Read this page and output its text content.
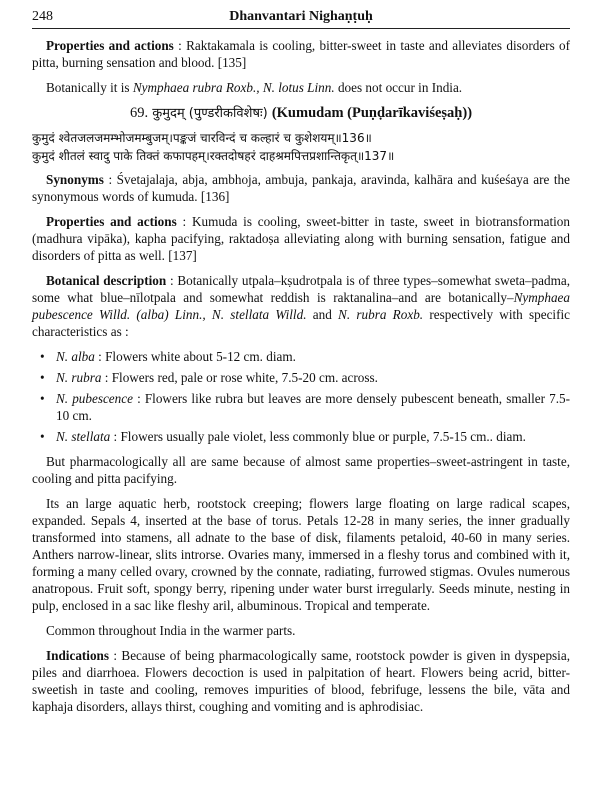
248	Dhanvantari Nighaṇṭuḥ

Properties and actions : Raktakamala is cooling, bitter-sweet in taste and alleviates disorders of pitta, burning sensation and blood. [135]

Botanically it is Nymphaea rubra Roxb., N. lotus Linn. does not occur in India.

69. कुमुदम् (पुण्डरीकविशेषः) (Kumudam (Puṇḍarīkaviśeṣaḥ))
कुमुदं श्वेतजलजमम्भोजमम्बुजम्।पङ्कजं चारविन्दं च कल्हारं च कुशेशयम्॥136॥
कुमुदं शीतलं स्वादु पाके तिक्तं कफापहम्।रक्तदोषहरं दाहश्रमपित्तप्रशान्तिकृत्॥137॥

Synonyms : Śvetajalaja, abja, ambhoja, ambuja, pankaja, aravinda, kalhāra and kuśeśaya are the synonymous words of kumuda. [136]

Properties and actions : Kumuda is cooling, sweet-bitter in taste, sweet in biotransformation (madhura vipāka), kapha pacifying, raktadoṣa alleviating along with burning sensation, fatigue and disorders of pitta as well. [137]

Botanical description : Botanically utpala–kṣudrotpala is of three types–somewhat sweta–padma, some what blue–nīlotpala and somewhat reddish is raktanalina–and are botanically–Nymphaea pubescence Willd. (alba) Linn., N. stellata Willd. and N. rubra Roxb. respectively with specific characteristics as :

• N. alba : Flowers white about 5-12 cm. diam.
• N. rubra : Flowers red, pale or rose white, 7.5-20 cm. across.
• N. pubescence : Flowers like rubra but leaves are more densely pubescent beneath, smaller 7.5-10 cm.
• N. stellata : Flowers usually pale violet, less commonly blue or purple, 7.5-15 cm.. diam.

But pharmacologically all are same because of almost same properties–sweet-astringent in taste, cooling and pitta pacifying.

Its an large aquatic herb, rootstock creeping; flowers large floating on large radical scapes, expanded. Sepals 4, inserted at the base of torus. Petals 12-28 in many series, the inner gradually transformed into stamens, all adnate to the base of disk, filaments petaloid, 40-60 in many series. Anthers narrow-linear, slits introrse. Ovaries many, immersed in a fleshy torus and combined with it, forming a many celled ovary, crowned by the connate, radiating, furrowed stigmas. Ovules numerous anatropous. Fruit soft, spongy berry, ripening under water burst irregularly. Seeds minute, nesting in pulp, enclosed in a sac like fleshy aril, albuminous. Tropical and temperate.

Common throughout India in the warmer parts.

Indications : Because of being pharmacologically same, rootstock powder is given in dyspepsia, piles and diarrhoea. Flowers decoction is used in palpitation of heart. Flowers being acrid, bitter-sweetish in taste and cooling, removes impurities of blood, febrifuge, lessens the bile, vāta and kaphaja disorders, allays thirst, coughing and vomiting and is aphrodisiac.
